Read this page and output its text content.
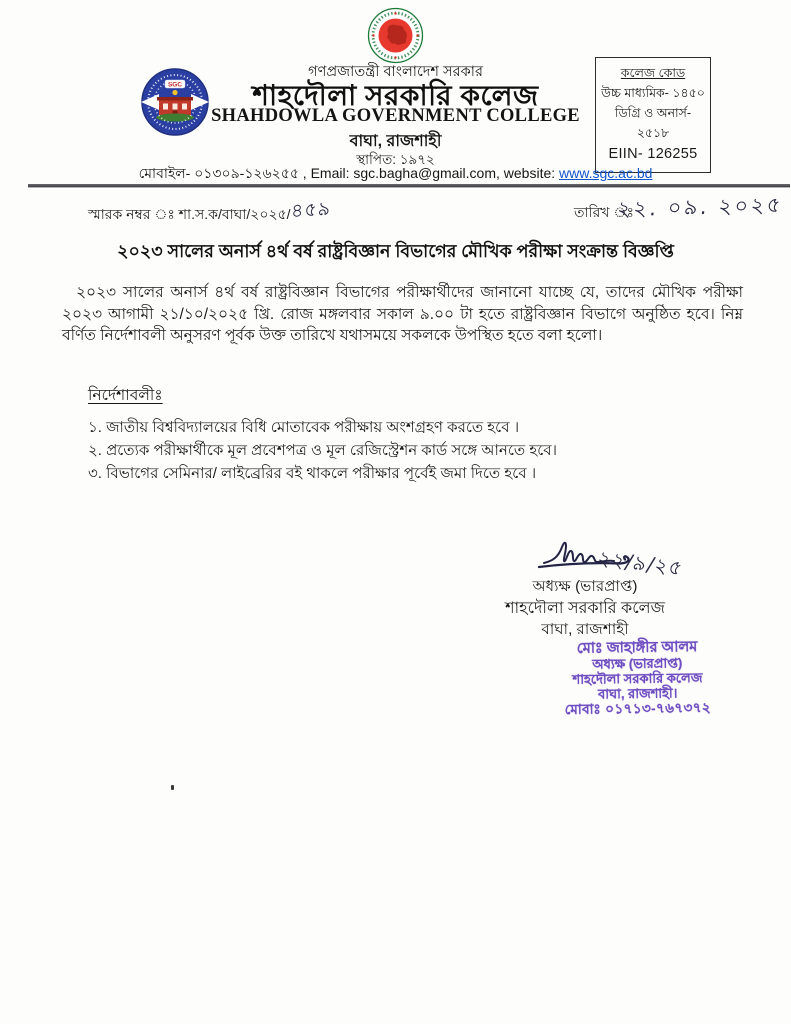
SGC
গণপ্রজাতন্ত্রী বাংলাদেশ সরকার
শাহদৌলা সরকারি কলেজ
SHAHDOWLA GOVERNMENT COLLEGE
বাঘা, রাজশাহী
স্থাপিত: ১৯৭২
কলেজ কোড
উচ্চ মাধ্যমিক- ১৪৫০
ডিগ্রি ও অনার্স- ২৫১৮
EIIN- 126255
মোবাইল- ০১৩০৯-১২৬২৫৫ , Email: sgc.bagha@gmail.com, website: www.sgc.ac.bd
স্মারক নম্বর ঃ শা.স.ক/বাঘা/২০২৫/৪৫৯	তারিখ ঃ
২২. ০৯. ২০২৫
২০২৩ সালের অনার্স ৪র্থ বর্ষ রাষ্ট্রবিজ্ঞান বিভাগের মৌখিক পরীক্ষা সংক্রান্ত বিজ্ঞপ্তি
২০২৩ সালের অনার্স ৪র্থ বর্ষ রাষ্ট্রবিজ্ঞান বিভাগের পরীক্ষার্থীদের জানানো যাচ্ছে যে, তাদের মৌখিক পরীক্ষা ২০২৩ আগামী ২১/১০/২০২৫ খ্রি. রোজ মঙ্গলবার সকাল ৯.০০ টা হতে রাষ্ট্রবিজ্ঞান বিভাগে অনুষ্ঠিত হবে। নিম্ন বর্ণিত নির্দেশাবলী অনুসরণ পূর্বক উক্ত তারিখে যথাসময়ে সকলকে উপস্থিত হতে বলা হলো।
নির্দেশাবলীঃ
১. জাতীয় বিশ্ববিদ্যালয়ের বিধি মোতাবেক পরীক্ষায় অংশগ্রহণ করতে হবে ।
২. প্রত্যেক পরীক্ষার্থীকে মূল প্রবেশপত্র ও মূল রেজিস্ট্রেশন কার্ড সঙ্গে আনতে হবে।
৩. বিভাগের সেমিনার/ লাইব্রেরির বই থাকলে পরীক্ষার পূর্বেই জমা দিতে হবে ।
২২/৯/২৫
অধ্যক্ষ (ভারপ্রাপ্ত)
শাহদৌলা সরকারি কলেজ
বাঘা, রাজশাহী
মোঃ জাহাঙ্গীর আলম
অধ্যক্ষ (ভারপ্রাপ্ত)
শাহদৌলা সরকারি কলেজ
বাঘা, রাজশাহী।
মোবাঃ ০১৭১৩-৭৬৭৩৭২
